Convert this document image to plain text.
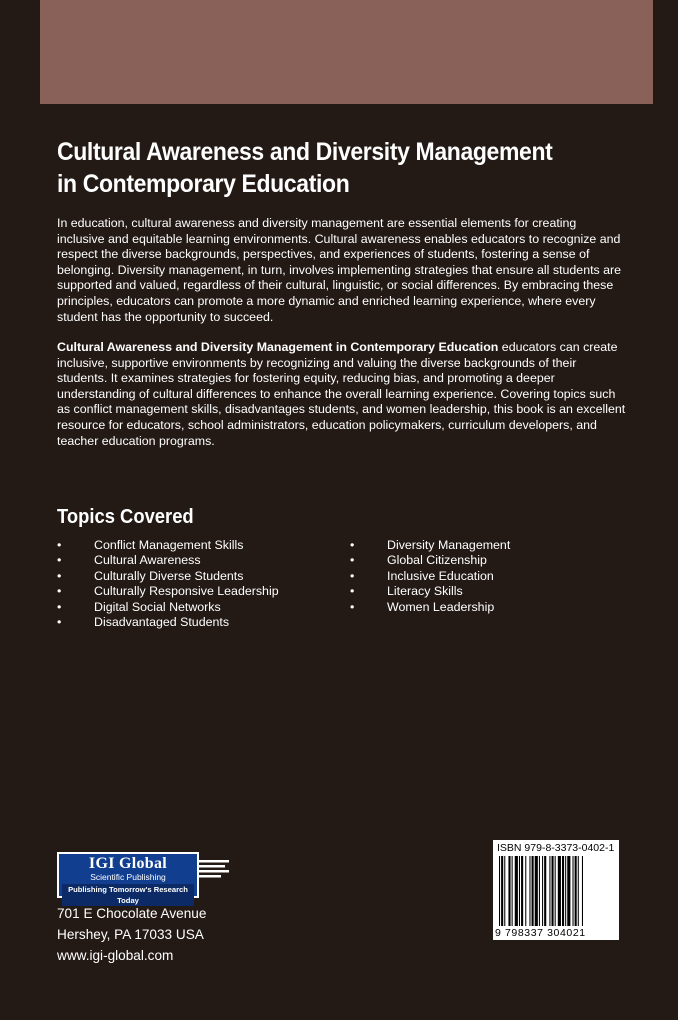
Cultural Awareness and Diversity Management
in Contemporary Education

In education, cultural awareness and diversity management are essential elements for creating inclusive and equitable learning environments. Cultural awareness enables educators to recognize and respect the diverse backgrounds, perspectives, and experiences of students, fostering a sense of belonging. Diversity management, in turn, involves implementing strategies that ensure all students are supported and valued, regardless of their cultural, linguistic, or social differences. By embracing these principles, educators can promote a more dynamic and enriched learning experience, where every student has the opportunity to succeed.

Cultural Awareness and Diversity Management in Contemporary Education educators can create inclusive, supportive environments by recognizing and valuing the diverse backgrounds of their students. It examines strategies for fostering equity, reducing bias, and promoting a deeper understanding of cultural differences to enhance the overall learning experience. Covering topics such as conflict management skills, disadvantages students, and women leadership, this book is an excellent resource for educators, school administrators, education policymakers, curriculum developers, and teacher education programs.

Topics Covered
•	Conflict Management Skills
•	Cultural Awareness
•	Culturally Diverse Students
•	Culturally Responsive Leadership
•	Digital Social Networks
•	Disadvantaged Students
•	Diversity Management
•	Global Citizenship
•	Inclusive Education
•	Literacy Skills
•	Women Leadership
IGI Global
Scientific Publishing
Publishing Tomorrow's Research Today
701 E Chocolate Avenue
Hershey, PA 17033 USA
www.igi-global.com
ISBN 979-8-3373-0402-1
9 798337 304021
